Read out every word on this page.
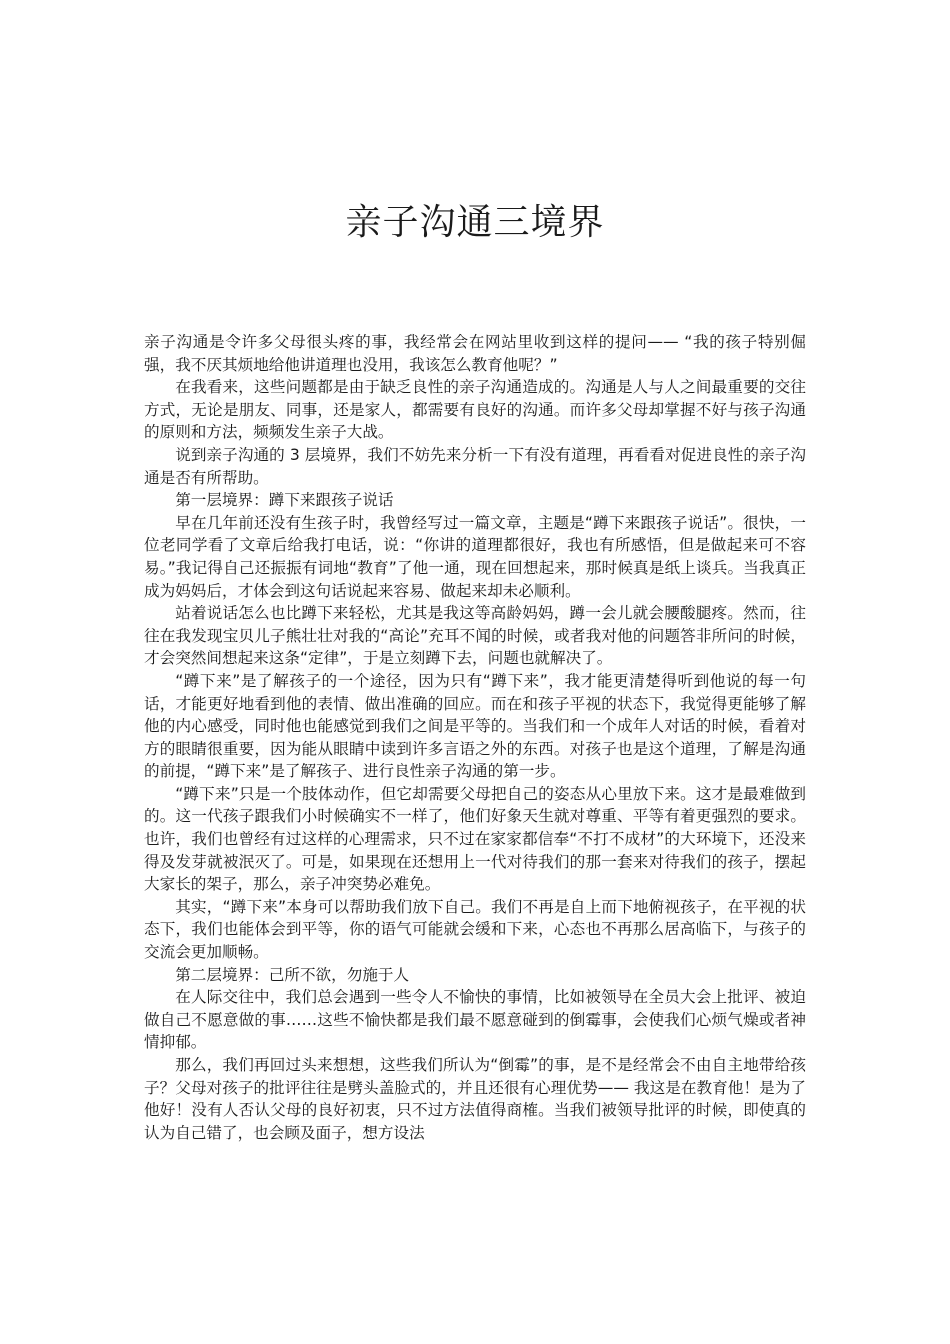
亲子沟通三境界

亲子沟通是令许多父母很头疼的事，我经常会在网站里收到这样的提问—— “我的孩子特别倔强，我不厌其烦地给他讲道理也没用，我该怎么教育他呢？”

在我看来，这些问题都是由于缺乏良性的亲子沟通造成的。沟通是人与人之间最重要的交往方式，无论是朋友、同事，还是家人，都需要有良好的沟通。而许多父母却掌握不好与孩子沟通的原则和方法，频频发生亲子大战。

说到亲子沟通的 3 层境界，我们不妨先来分析一下有没有道理，再看看对促进良性的亲子沟通是否有所帮助。

第一层境界：蹲下来跟孩子说话

早在几年前还没有生孩子时，我曾经写过一篇文章，主题是“蹲下来跟孩子说话”。很快，一位老同学看了文章后给我打电话，说：“你讲的道理都很好，我也有所感悟，但是做起来可不容易。”我记得自己还振振有词地“教育”了他一通，现在回想起来，那时候真是纸上谈兵。当我真正成为妈妈后，才体会到这句话说起来容易、做起来却未必顺利。

站着说话怎么也比蹲下来轻松，尤其是我这等高龄妈妈，蹲一会儿就会腰酸腿疼。然而，往往在我发现宝贝儿子熊壮壮对我的“高论”充耳不闻的时候，或者我对他的问题答非所问的时候，才会突然间想起来这条“定律”，于是立刻蹲下去，问题也就解决了。

“蹲下来”是了解孩子的一个途径，因为只有“蹲下来”，我才能更清楚得听到他说的每一句话，才能更好地看到他的表情、做出准确的回应。而在和孩子平视的状态下，我觉得更能够了解他的内心感受，同时他也能感觉到我们之间是平等的。当我们和一个成年人对话的时候，看着对方的眼睛很重要，因为能从眼睛中读到许多言语之外的东西。对孩子也是这个道理，了解是沟通的前提，“蹲下来”是了解孩子、进行良性亲子沟通的第一步。

“蹲下来”只是一个肢体动作，但它却需要父母把自己的姿态从心里放下来。这才是最难做到的。这一代孩子跟我们小时候确实不一样了，他们好象天生就对尊重、平等有着更强烈的要求。也许，我们也曾经有过这样的心理需求，只不过在家家都信奉“不打不成材”的大环境下，还没来得及发芽就被泯灭了。可是，如果现在还想用上一代对待我们的那一套来对待我们的孩子，摆起大家长的架子，那么，亲子冲突势必难免。

其实，“蹲下来”本身可以帮助我们放下自己。我们不再是自上而下地俯视孩子，在平视的状态下，我们也能体会到平等，你的语气可能就会缓和下来，心态也不再那么居高临下，与孩子的交流会更加顺畅。

第二层境界：己所不欲，勿施于人

在人际交往中，我们总会遇到一些令人不愉快的事情，比如被领导在全员大会上批评、被迫做自己不愿意做的事……这些不愉快都是我们最不愿意碰到的倒霉事，会使我们心烦气燥或者神情抑郁。

那么，我们再回过头来想想，这些我们所认为“倒霉”的事，是不是经常会不由自主地带给孩子？父母对孩子的批评往往是劈头盖脸式的，并且还很有心理优势—— 我这是在教育他！是为了他好！没有人否认父母的良好初衷，只不过方法值得商榷。当我们被领导批评的时候，即使真的认为自己错了，也会顾及面子，想方设法
